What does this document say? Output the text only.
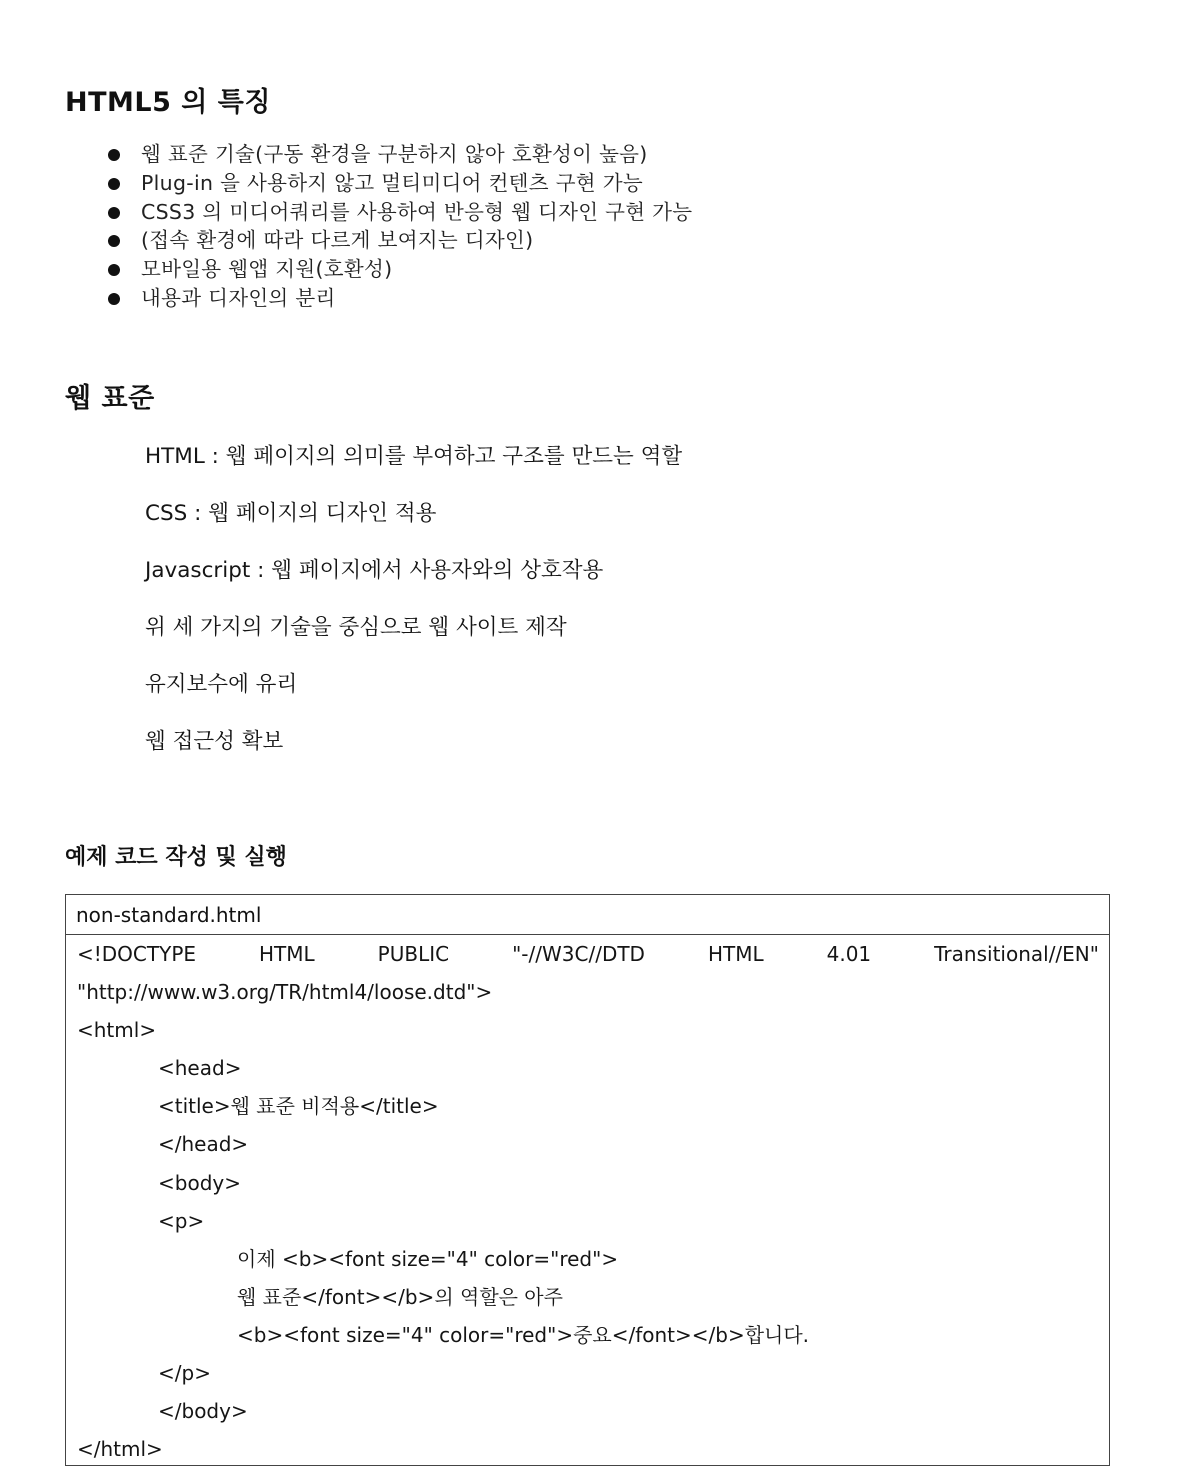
HTML5 의 특징
웹 표준 기술(구동 환경을 구분하지 않아 호환성이 높음)
Plug-in 을 사용하지 않고 멀티미디어 컨텐츠 구현 가능
CSS3 의 미디어쿼리를 사용하여 반응형 웹 디자인 구현 가능
(접속 환경에 따라 다르게 보여지는 디자인)
모바일용 웹앱 지원(호환성)
내용과 디자인의 분리
웹 표준
HTML : 웹 페이지의 의미를 부여하고 구조를 만드는 역할
CSS : 웹 페이지의 디자인 적용
Javascript : 웹 페이지에서 사용자와의 상호작용
위 세 가지의 기술을 중심으로 웹 사이트 제작
유지보수에 유리
웹 접근성 확보
예제 코드 작성 및 실행
non-standard.html
<!DOCTYPE	HTML	PUBLIC	"-//W3C//DTD	HTML	4.01	Transitional//EN"
"http://www.w3.org/TR/html4/loose.dtd">
<html>
<head>
<title>웹 표준 비적용</title>
</head>
<body>
<p>
이제 <b><font size="4" color="red">
웹 표준</font></b>의 역할은 아주
<b><font size="4" color="red">중요</font></b>합니다.
</p>
</body>
</html>
